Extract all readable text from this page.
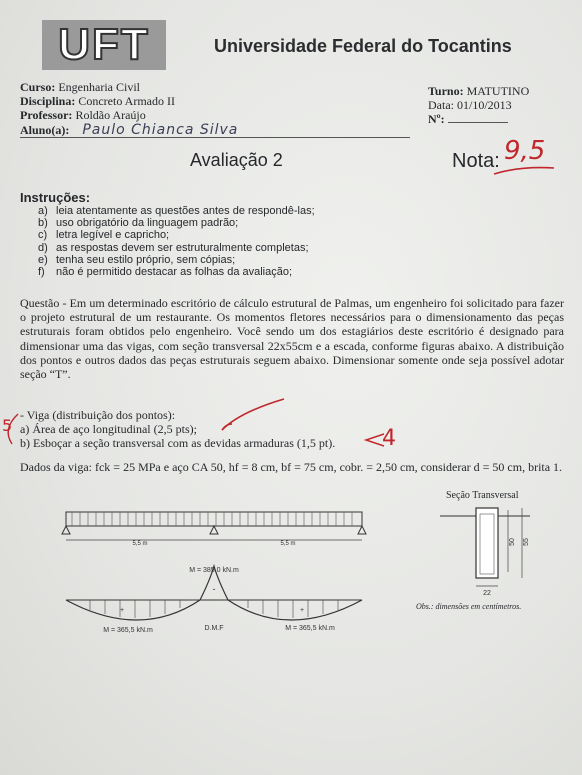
UFT	Universidade Federal do Tocantins
Curso: Engenharia Civil
Disciplina: Concreto Armado II
Professor: Roldão Araújo
Aluno(a): Paulo Chianca Silva
Turno: MATUTINO
Data: 01/10/2013
Nº:
Avaliação 2	Nota: 9,5
Instruções:
a) leia atentamente as questões antes de respondê-las;
b) uso obrigatório da linguagem padrão;
c) letra legível e capricho;
d) as respostas devem ser estruturalmente completas;
e) tenha seu estilo próprio, sem cópias;
f) não é permitido destacar as folhas da avaliação;
Questão - Em um determinado escritório de cálculo estrutural de Palmas, um engenheiro foi solicitado para fazer o projeto estrutural de um restaurante. Os momentos fletores necessários para o dimensionamento das peças estruturais foram obtidos pelo engenheiro. Você sendo um dos estagiários deste escritório é designado para dimensionar uma das vigas, com seção transversal 22x55cm e a escada, conforme figuras abaixo. A distribuição dos pontos e outros dados das peças estruturais seguem abaixo. Dimensionar somente onde seja possível adotar seção “T”.
- Viga (distribuição dos pontos):
a) Área de aço longitudinal (2,5 pts);
b) Esboçar a seção transversal com as devidas armaduras (1,5 pt).
5
4
Dados da viga: fck = 25 MPa e aço CA 50, hf = 8 cm, bf = 75 cm, cobr. = 2,50 cm, considerar d = 50 cm, brita 1.
5,5 m	5,5 m
M = 385,0 kN.m
-
+	+
M = 365,5 kN.m	D.M.F	M = 365,5 kN.m
Seção Transversal
50 55
22
Obs.: dimensões em centímetros.
